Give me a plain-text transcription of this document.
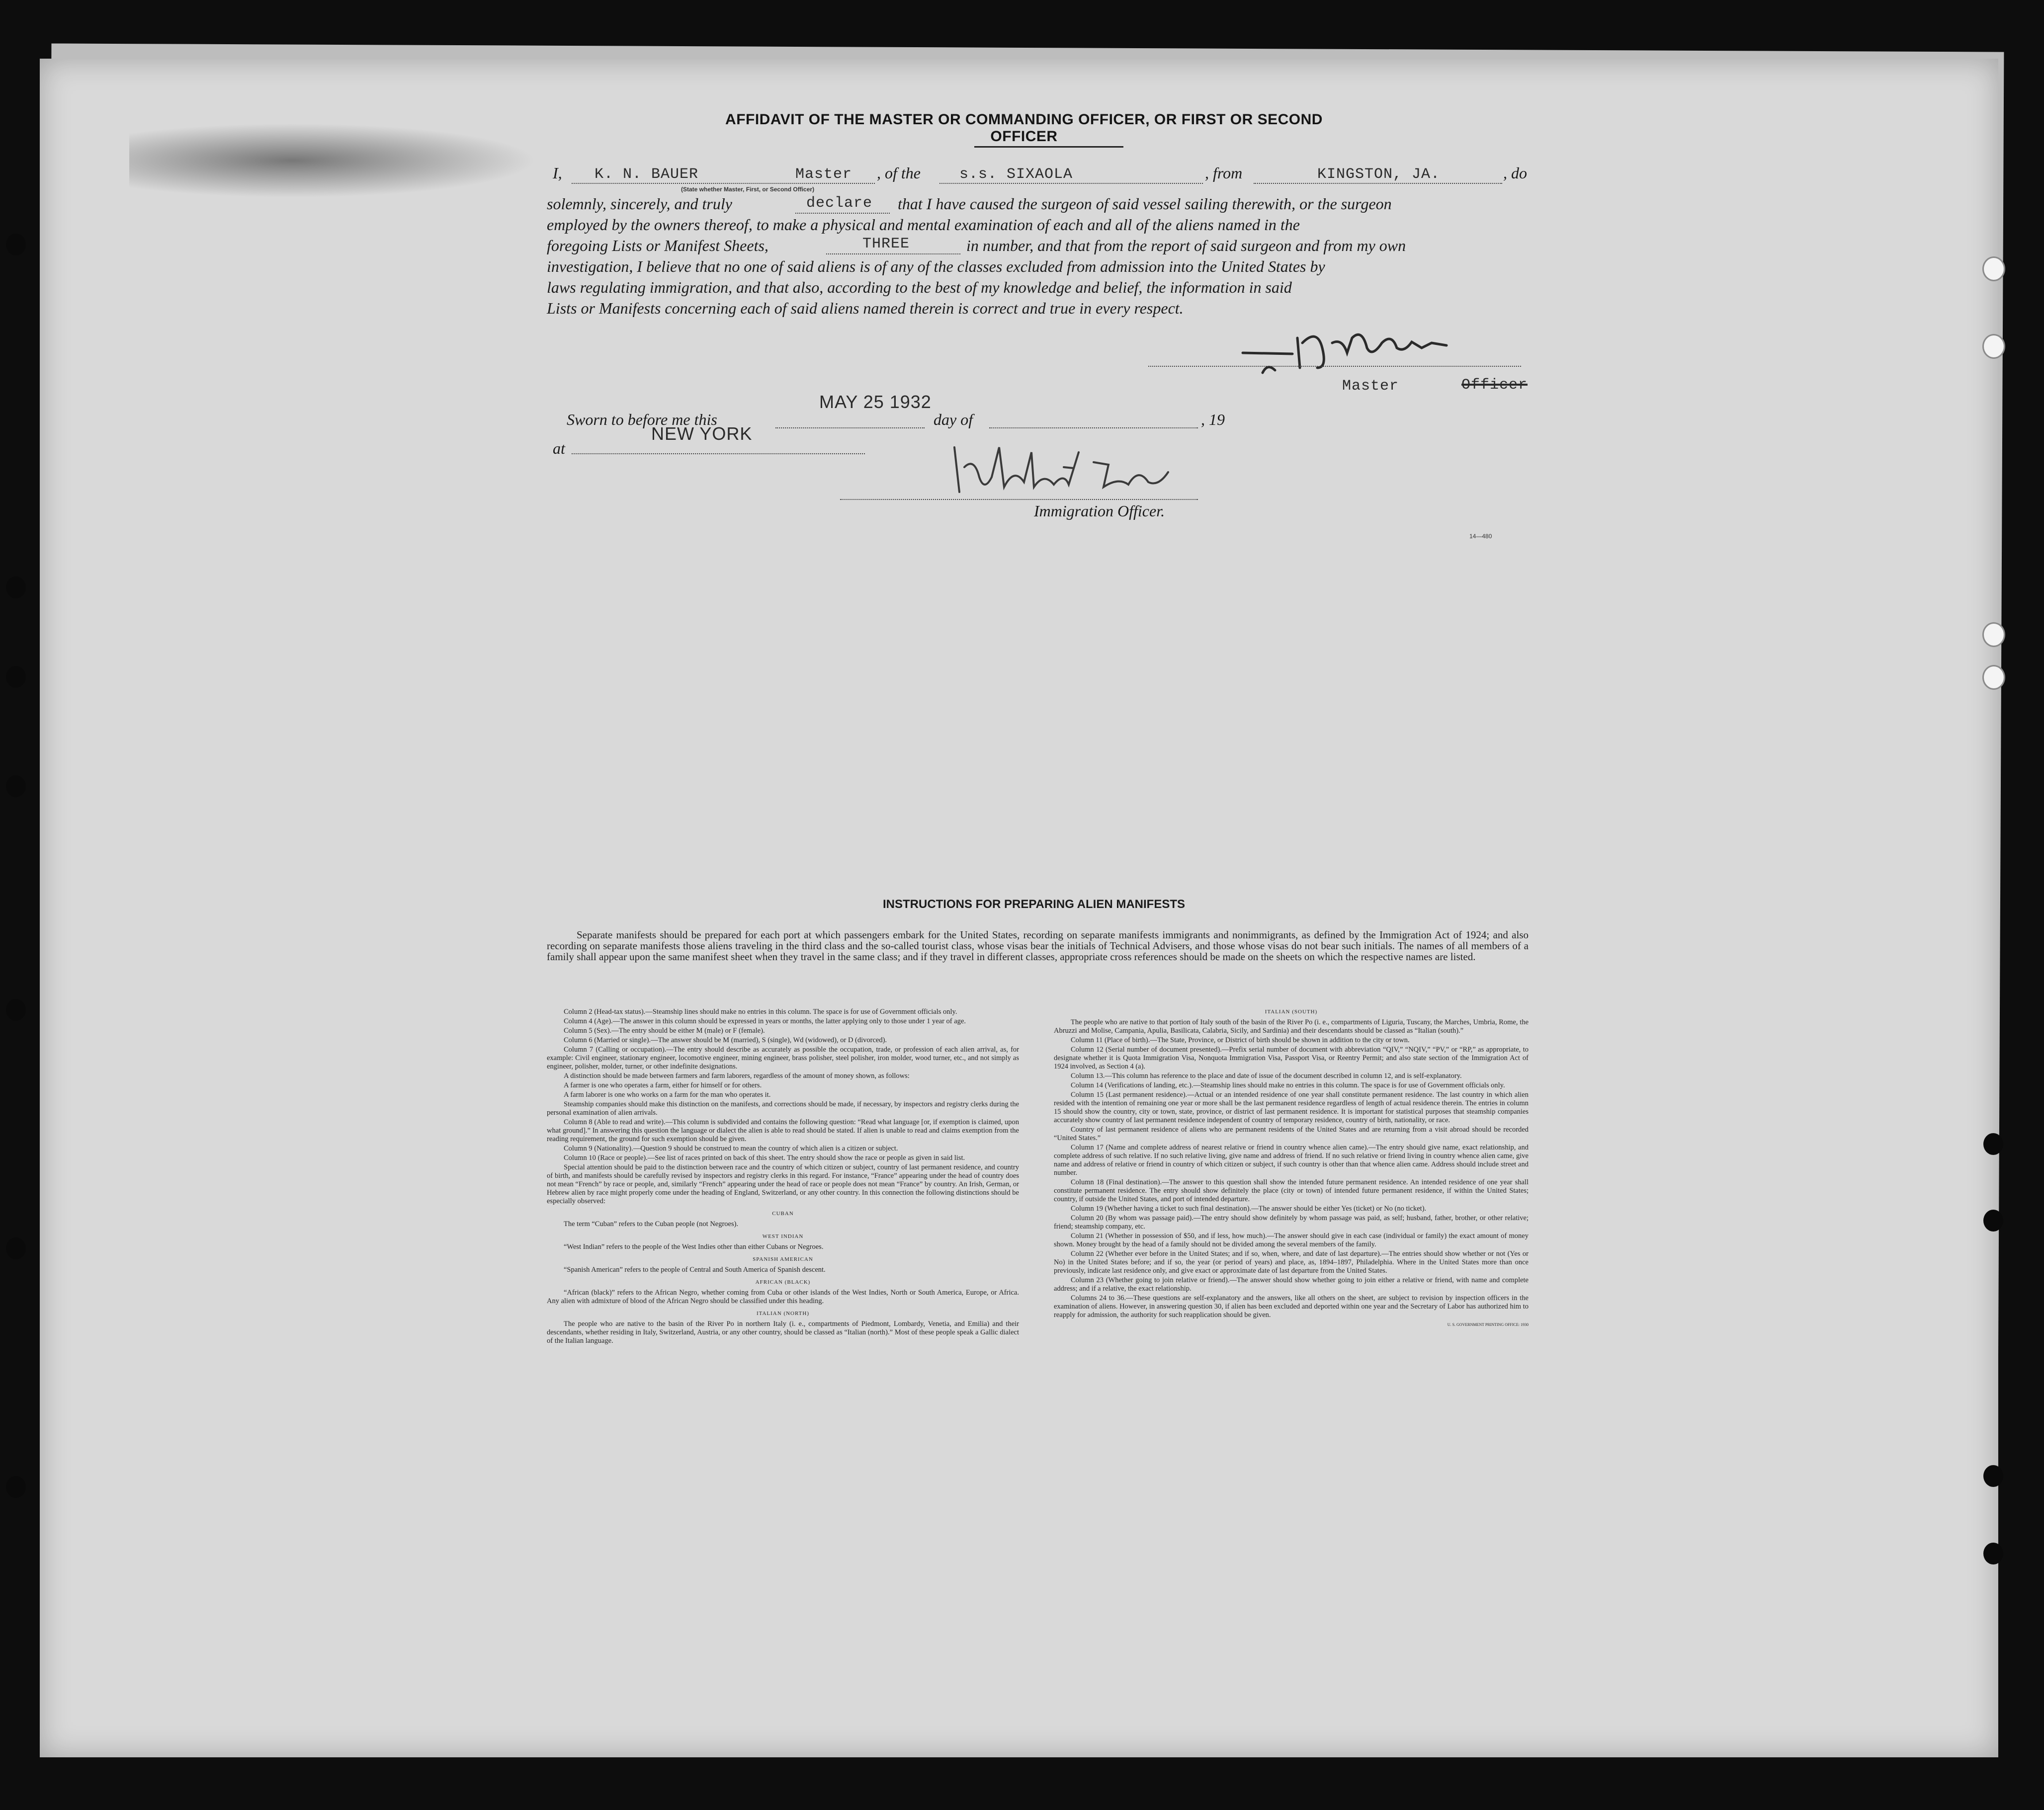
AFFIDAVIT OF THE MASTER OR COMMANDING OFFICER, OR FIRST OR SECOND OFFICER
I, K. N. BAUER	Master
(State whether Master, First, or Second Officer)
, of the	s.s. SIXAOLA	, from	KINGSTON, JA.	, do
solemnly, sincerely, and truly	declare that I have caused the surgeon of said vessel sailing therewith, or the surgeon
employed by the owners thereof, to make a physical and mental examination of each and all of the aliens named in the
foregoing Lists or Manifest Sheets,	THREE	in number, and that from the report of said surgeon and from my own
investigation, I believe that no one of said aliens is of any of the classes excluded from admission into the United States by
laws regulating immigration, and that also, according to the best of my knowledge and belief, the information in said
Lists or Manifests concerning each of said aliens named therein is correct and true in every respect.
Master	Officer
Sworn to before me this
MAY 25 1932
day of	, 19
at
NEW YORK
Immigration Officer.
14—480
INSTRUCTIONS FOR PREPARING ALIEN MANIFESTS
Separate manifests should be prepared for each port at which passengers embark for the United States, recording on separate manifests immigrants and nonimmigrants, as defined by the Immigration Act of 1924; and also recording on separate manifests those aliens traveling in the third class and the so-called tourist class, whose visas bear the initials of Technical Advisers, and those whose visas do not bear such initials. The names of all members of a family shall appear upon the same manifest sheet when they travel in the same class; and if they travel in different classes, appropriate cross references should be made on the sheets on which the respective names are listed.

Column 2 (Head-tax status).—Steamship lines should make no entries in this column. The space is for use of Government officials only.

Column 4 (Age).—The answer in this column should be expressed in years or months, the latter applying only to those under 1 year of age.

Column 5 (Sex).—The entry should be either M (male) or F (female).

Column 6 (Married or single).—The answer should be M (married), S (single), Wd (widowed), or D (divorced).

Column 7 (Calling or occupation).—The entry should describe as accurately as possible the occupation, trade, or profession of each alien arrival, as, for example: Civil engineer, stationary engineer, locomotive engineer, mining engineer, brass polisher, steel polisher, iron molder, wood turner, etc., and not simply as engineer, polisher, molder, turner, or other indefinite designations.

A distinction should be made between farmers and farm laborers, regardless of the amount of money shown, as follows:

A farmer is one who operates a farm, either for himself or for others.

A farm laborer is one who works on a farm for the man who operates it.

Steamship companies should make this distinction on the manifests, and corrections should be made, if necessary, by inspectors and registry clerks during the personal examination of alien arrivals.

Column 8 (Able to read and write).—This column is subdivided and contains the following question: “Read what language [or, if exemption is claimed, upon what ground].” In answering this question the language or dialect the alien is able to read should be stated. If alien is unable to read and claims exemption from the reading requirement, the ground for such exemption should be given.

Column 9 (Nationality).—Question 9 should be construed to mean the country of which alien is a citizen or subject.

Column 10 (Race or people).—See list of races printed on back of this sheet. The entry should show the race or people as given in said list.

Special attention should be paid to the distinction between race and the country of which citizen or subject, country of last permanent residence, and country of birth, and manifests should be carefully revised by inspectors and registry clerks in this regard. For instance, “France” appearing under the head of country does not mean “French” by race or people, and, similarly “French” appearing under the head of race or people does not mean “France” by country. An Irish, German, or Hebrew alien by race might properly come under the heading of England, Switzerland, or any other country. In this connection the following distinctions should be especially observed:

CUBAN

The term “Cuban” refers to the Cuban people (not Negroes).

WEST INDIAN

“West Indian” refers to the people of the West Indies other than either Cubans or Negroes.

SPANISH AMERICAN

“Spanish American” refers to the people of Central and South America of Spanish descent.

AFRICAN (BLACK)

“African (black)” refers to the African Negro, whether coming from Cuba or other islands of the West Indies, North or South America, Europe, or Africa. Any alien with admixture of blood of the African Negro should be classified under this heading.

ITALIAN (NORTH)

The people who are native to the basin of the River Po in northern Italy (i. e., compartments of Piedmont, Lombardy, Venetia, and Emilia) and their descendants, whether residing in Italy, Switzerland, Austria, or any other country, should be classed as “Italian (north).” Most of these people speak a Gallic dialect of the Italian language.

ITALIAN (SOUTH)

The people who are native to that portion of Italy south of the basin of the River Po (i. e., compartments of Liguria, Tuscany, the Marches, Umbria, Rome, the Abruzzi and Molise, Campania, Apulia, Basilicata, Calabria, Sicily, and Sardinia) and their descendants should be classed as “Italian (south).”

Column 11 (Place of birth).—The State, Province, or District of birth should be shown in addition to the city or town.

Column 12 (Serial number of document presented).—Prefix serial number of document with abbreviation “QIV,” “NQIV,” “PV,” or “RP,” as appropriate, to designate whether it is Quota Immigration Visa, Nonquota Immigration Visa, Passport Visa, or Reentry Permit; and also state section of the Immigration Act of 1924 involved, as Section 4 (a).

Column 13.—This column has reference to the place and date of issue of the document described in column 12, and is self-explanatory.

Column 14 (Verifications of landing, etc.).—Steamship lines should make no entries in this column. The space is for use of Government officials only.

Column 15 (Last permanent residence).—Actual or an intended residence of one year shall constitute permanent residence. The last country in which alien resided with the intention of remaining one year or more shall be the last permanent residence regardless of length of actual residence therein. The entries in column 15 should show the country, city or town, state, province, or district of last permanent residence. It is important for statistical purposes that steamship companies accurately show country of last permanent residence independent of country of temporary residence, country of birth, nationality, or race.

Country of last permanent residence of aliens who are permanent residents of the United States and are returning from a visit abroad should be recorded “United States.”

Column 17 (Name and complete address of nearest relative or friend in country whence alien came).—The entry should give name, exact relationship, and complete address of such relative. If no such relative living, give name and address of friend. If no such relative or friend living in country whence alien came, give name and address of relative or friend in country of which citizen or subject, if such country is other than that whence alien came. Address should include street and number.

Column 18 (Final destination).—The answer to this question shall show the intended future permanent residence. An intended residence of one year shall constitute permanent residence. The entry should show definitely the place (city or town) of intended future permanent residence, if within the United States; country, if outside the United States, and port of intended departure.

Column 19 (Whether having a ticket to such final destination).—The answer should be either Yes (ticket) or No (no ticket).

Column 20 (By whom was passage paid).—The entry should show definitely by whom passage was paid, as self; husband, father, brother, or other relative; friend; steamship company, etc.

Column 21 (Whether in possession of $50, and if less, how much).—The answer should give in each case (individual or family) the exact amount of money shown. Money brought by the head of a family should not be divided among the several members of the family.

Column 22 (Whether ever before in the United States; and if so, when, where, and date of last departure).—The entries should show whether or not (Yes or No) in the United States before; and if so, the year (or period of years) and place, as, 1894–1897, Philadelphia. Where in the United States more than once previously, indicate last residence only, and give exact or approximate date of last departure from the United States.

Column 23 (Whether going to join relative or friend).—The answer should show whether going to join either a relative or friend, with name and complete address; and if a relative, the exact relationship.

Columns 24 to 36.—These questions are self-explanatory and the answers, like all others on the sheet, are subject to revision by inspection officers in the examination of aliens. However, in answering question 30, if alien has been excluded and deported within one year and the Secretary of Labor has authorized him to reapply for admission, the authority for such reapplication should be given.

U. S. GOVERNMENT PRINTING OFFICE: 1930
